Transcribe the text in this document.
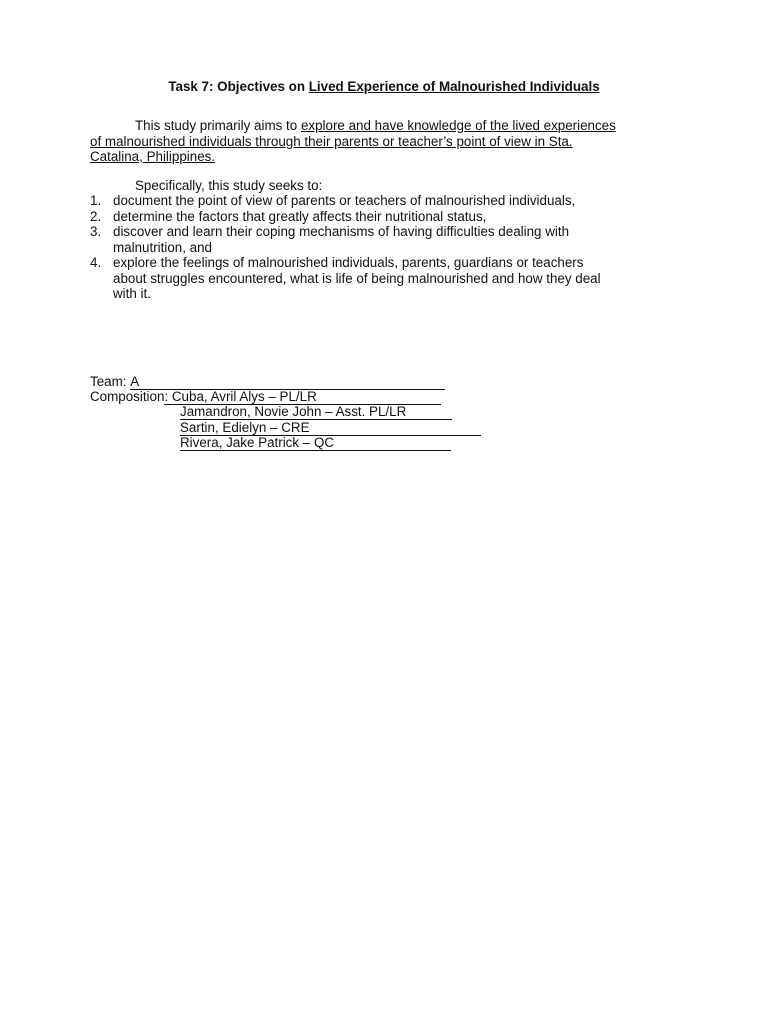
Task 7: Objectives on Lived Experience of Malnourished Individuals
This study primarily aims to explore and have knowledge of the lived experiences
of malnourished individuals through their parents or teacher’s point of view in Sta.
Catalina, Philippines.
Specifically, this study seeks to:
1. document the point of view of parents or teachers of malnourished individuals,
2. determine the factors that greatly affects their nutritional status,
3. discover and learn their coping mechanisms of having difficulties dealing with
malnutrition, and
4. explore the feelings of malnourished individuals, parents, guardians or teachers
about struggles encountered, what is life of being malnourished and how they deal
with it.
Team: A
Composition: Cuba, Avril Alys – PL/LR
Jamandron, Novie John – Asst. PL/LR
Sartin, Edielyn – CRE
Rivera, Jake Patrick – QC
